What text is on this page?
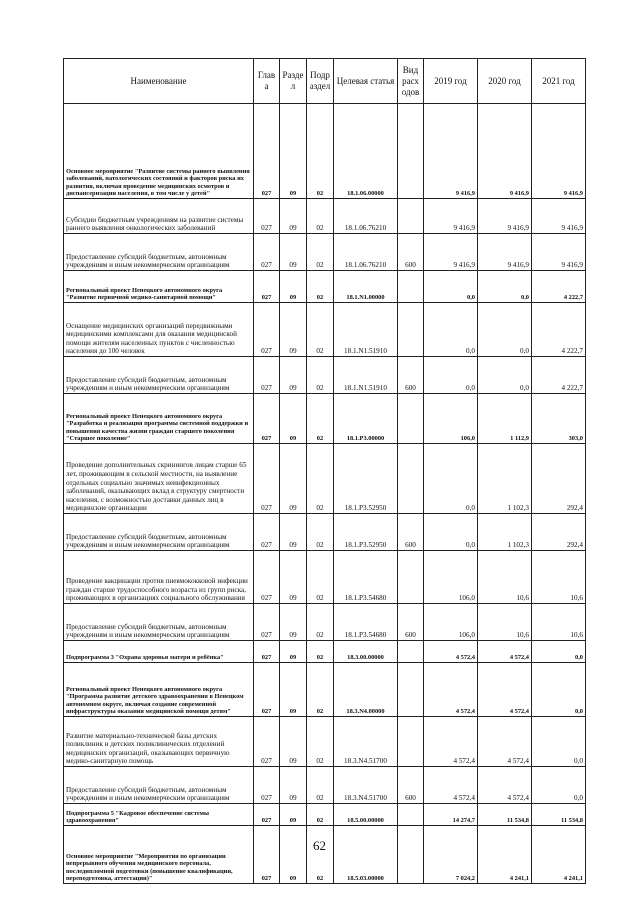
Наименование	Глав а	Разде л	Подр аздел	Целевая статья	Вид расх одов	2019 год	2020 год	2021 год
Основное мероприятие "Развитие системы раннего выявления заболеваний, патологических состояний и факторов риска их развития, включая проведение медицинских осмотров и диспансеризации населения, в том числе у детей"	027	09	02	18.1.06.00000		9 416,9	9 416,9	9 416,9
Субсидии бюджетным учреждениям на развитие системы раннего выявления онкологических заболеваний	027	09	02	18.1.06.76210		9 416,9	9 416,9	9 416,9
Предоставление субсидий бюджетным, автономным учреждениям и иным некоммерческим организациям	027	09	02	18.1.06.76210	600	9 416,9	9 416,9	9 416,9
Региональный проект Ненецкого автономного округа "Развитие первичной медико-санитарной помощи"	027	09	02	18.1.N1.00000		0,0	0,0	4 222,7
Оснащение медицинских организаций передвижными медицинскими комплексами для оказания медицинской помощи жителям населенных пунктов с численностью населения до 100 человек	027	09	02	18.1.N1.51910		0,0	0,0	4 222,7
Предоставление субсидий бюджетным, автономным учреждениям и иным некоммерческим организациям	027	09	02	18.1.N1.51910	600	0,0	0,0	4 222,7
Региональный проект Ненецкого автономного округа "Разработка и реализация программы системной поддержки и повышения качества жизни граждан старшего поколения "Старшее поколение"	027	09	02	18.1.P3.00000		106,0	1 112,9	303,0
Проведение дополнительных скринингов лицам старше 65 лет, проживающим в сельской местности, на выявление отдельных социально значимых неинфекционных заболеваний, оказывающих вклад в структуру смертности населения, с возможностью доставки данных лиц в медицинские организации	027	09	02	18.1.P3.52950		0,0	1 102,3	292,4
Предоставление субсидий бюджетным, автономным учреждениям и иным некоммерческим организациям	027	09	02	18.1.P3.52950	600	0,0	1 102,3	292,4
Проведение вакцинации против пневмококковой инфекции граждан старше трудоспособного возраста из групп риска, проживающих в организациях социального обслуживания	027	09	02	18.1.P3.54680		106,0	10,6	10,6
Предоставление субсидий бюджетным, автономным учреждениям и иным некоммерческим организациям	027	09	02	18.1.P3.54680	600	106,0	10,6	10,6
Подпрограмма 3 "Охрана здоровья матери и ребёнка"	027	09	02	18.3.00.00000		4 572,4	4 572,4	0,0
Региональный проект Ненецкого автономного округа "Программа развитие детского здравоохранения в Ненецком автономном округе, включая создание современной инфраструктуры оказания медицинской помощи детям"	027	09	02	18.3.N4.00000		4 572,4	4 572,4	0,0
Развитие материально-технической базы детских поликлиник и детских поликлинических отделений медицинских организаций, оказывающих первичную медико-санитарную помощь	027	09	02	18.3.N4.51700		4 572,4	4 572,4	0,0
Предоставление субсидий бюджетным, автономным учреждениям и иным некоммерческим организациям	027	09	02	18.3.N4.51700	600	4 572,4	4 572,4	0,0
Подпрограмма 5 "Кадровое обеспечение системы здравоохранения"	027	09	02	18.5.00.00000		14 274,7	11 534,8	11 534,8
Основное мероприятие "Мероприятия по организации непрерывного обучения медицинского персонала, последипломной подготовки (повышение квалификации, переподготовка, аттестации)"	027	09	02	18.5.03.00000		7 024,2	4 241,1	4 241,1
62
